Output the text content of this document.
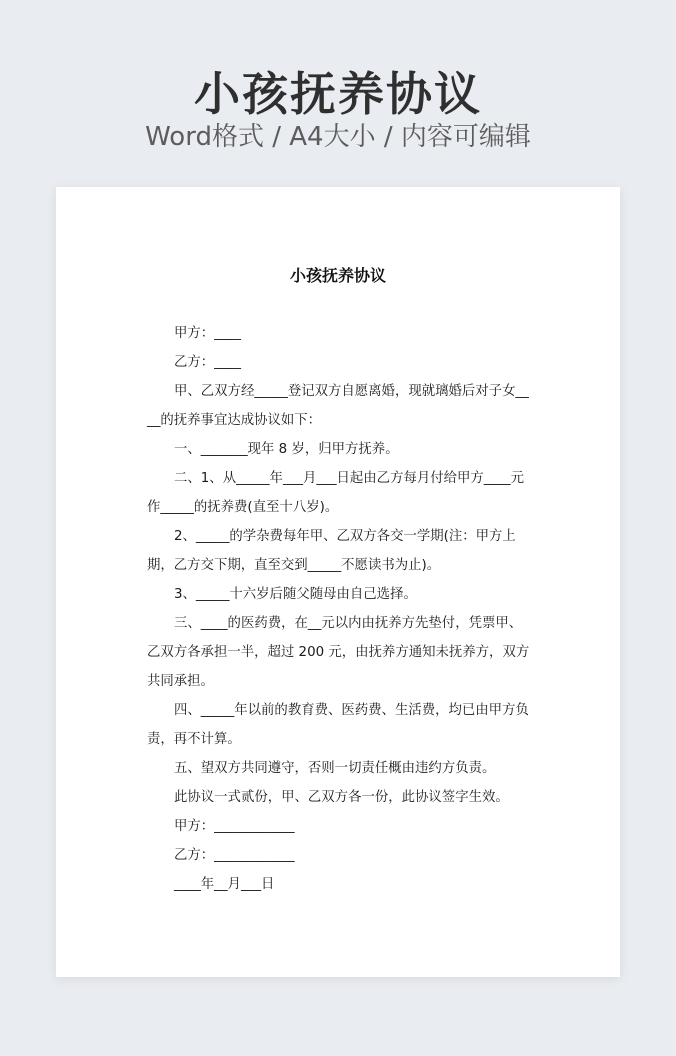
小孩抚养协议
Word格式 / A4大小 / 内容可编辑
小孩抚养协议

甲方：____

乙方：____

甲、乙双方经_____登记双方自愿离婚，现就璃婚后对子女____的抚养事宜达成协议如下：

一、_______现年 8 岁，归甲方抚养。

二、1、从_____年___月___日起由乙方每月付给甲方____元作_____的抚养费(直至十八岁)。

2、_____的学杂费每年甲、乙双方各交一学期(注：甲方上期，乙方交下期，直至交到_____不愿读书为止)。

3、_____十六岁后随父随母由自己选择。

三、____的医药费，在__元以内由抚养方先垫付，凭票甲、乙双方各承担一半，超过 200 元，由抚养方通知未抚养方，双方共同承担。

四、_____年以前的教育费、医药费、生活费，均已由甲方负责，再不计算。

五、望双方共同遵守，否则一切责任概由违约方负责。

此协议一式贰份，甲、乙双方各一份，此协议签字生效。

甲方：____________

乙方：____________

____年__月___日
